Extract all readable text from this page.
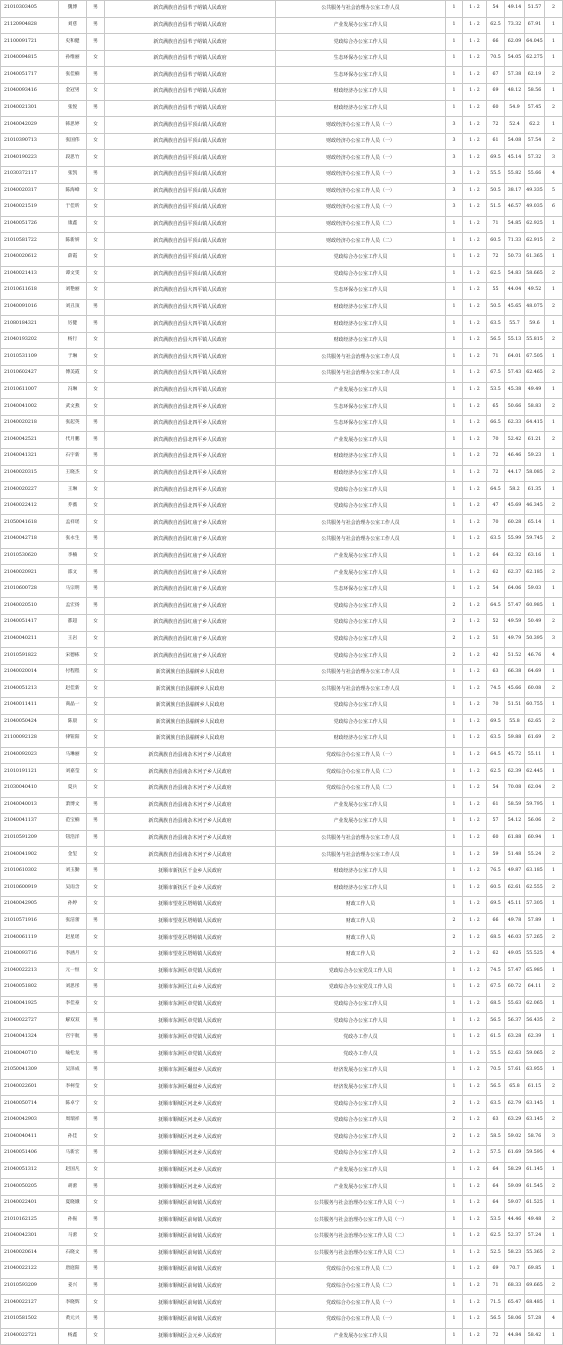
21010303405	魏博	男	新宾满族自治县苇子峪镇人民政府	公共服务与社会治理办公室工作人员	1	1 : 2	54	49.14	51.57	2
21120904828	刘慈	男	新宾满族自治县苇子峪镇人民政府	产业发展办公室工作人员	1	1 : 2	62.5	73.32	67.91	1
21100091721	史和健	男	新宾满族自治县苇子峪镇人民政府	党政综合办公室工作人员	1	1 : 2	66	62.09	64.045	1
21040094815	孙维丽	女	新宾满族自治县苇子峪镇人民政府	生态环保办公室工作人员	1	1 : 2	70.5	54.05	62.275	1
21040051717	张佳楠	男	新宾满族自治县苇子峪镇人民政府	生态环保办公室工作人员	1	1 : 2	67	57.38	62.19	2
21040093416	金冠男	女	新宾满族自治县苇子峪镇人民政府	财政经济办公室工作人员	1	1 : 2	69	48.12	58.56	1
21040021301	张悦	男	新宾满族自治县苇子峪镇人民政府	财政经济办公室工作人员	1	1 : 2	60	54.9	57.45	2
21040042029	韩思婷	女	新宾满族自治县平顶山镇人民政府	财政经济办公室工作人员（一）	3	1 : 2	72	52.4	62.2	1
21010390713	张国伟	女	新宾满族自治县平顶山镇人民政府	财政经济办公室工作人员（一）	3	1 : 2	61	54.08	57.54	2
21040190223	段思竹	女	新宾满族自治县平顶山镇人民政府	财政经济办公室工作人员（一）	3	1 : 2	69.5	45.14	57.32	3
21030372117	张凯	男	新宾满族自治县平顶山镇人民政府	财政经济办公室工作人员（一）	3	1 : 2	55.5	55.82	55.66	4
21040020317	陈海峰	女	新宾满族自治县平顶山镇人民政府	财政经济办公室工作人员（一）	3	1 : 2	50.5	38.17	49.335	5
21040021519	于佳昕	女	新宾满族自治县平顶山镇人民政府	财政经济办公室工作人员（一）	3	1 : 2	51.5	46.57	49.035	6
21040051726	康鑫	女	新宾满族自治县平顶山镇人民政府	财政经济办公室工作人员（二）	1	1 : 2	71	54.85	62.925	1
21010581722	陈新妍	女	新宾满族自治县平顶山镇人民政府	财政经济办公室工作人员（二）	1	1 : 2	60.5	71.33	62.915	2
21040020612	薛霞	女	新宾满族自治县平顶山镇人民政府	党政综合办公室工作人员	1	1 : 2	72	50.73	61.365	1
21040021413	谭文雯	女	新宾满族自治县平顶山镇人民政府	党政综合办公室工作人员	1	1 : 2	62.5	54.83	58.665	2
21010611618	刘艳丽	女	新宾满族自治县大四平镇人民政府	生态环保办公室工作人员	1	1 : 2	55	44.04	49.52	1
21040091016	刘丑顶	男	新宾满族自治县大四平镇人民政府	财政经济办公室工作人员	1	1 : 2	50.5	45.65	48.075	2
21080184321	厉健	男	新宾满族自治县大四平镇人民政府	财政经济办公室工作人员	1	1 : 2	63.5	55.7	59.6	1
21040193202	杨行	女	新宾满族自治县大四平镇人民政府	财政经济办公室工作人员	1	1 : 2	56.5	55.13	55.815	2
21010531109	于琳	女	新宾满族自治县大四平镇人民政府	公共服务与社会治理办公室工作人员	1	1 : 2	71	64.01	67.505	1
21010602427	傅美霞	女	新宾满族自治县大四平镇人民政府	公共服务与社会治理办公室工作人员	1	1 : 2	67.5	57.43	62.465	2
21010611007	冯琳	女	新宾满族自治县大四平镇人民政府	产业发展办公室工作人员	1	1 : 2	53.5	45.38	49.49	1
21040041002	武文燕	女	新宾满族自治县北四平乡人民政府	生态环保办公室工作人员	1	1 : 2	65	50.66	58.83	2
21040020218	张起英	男	新宾满族自治县北四平乡人民政府	生态环保办公室工作人员	1	1 : 2	66.5	62.33	64.415	1
21040042521	代月鹏	男	新宾满族自治县北四平乡人民政府	产业发展办公室工作人员	1	1 : 2	70	52.42	61.21	2
21040041321	石宇新	男	新宾满族自治县北四平乡人民政府	财政经济办公室工作人员	1	1 : 2	72	46.46	59.23	1
21040020315	王晓杰	女	新宾满族自治县北四平乡人民政府	财政经济办公室工作人员	1	1 : 2	72	44.17	58.085	2
21040020227	王琳	女	新宾满族自治县北四平乡人民政府	党政综合办公室工作人员	1	1 : 2	64.5	58.2	61.35	1
21040022412	乔薇	女	新宾满族自治县北四平乡人民政府	党政综合办公室工作人员	1	1 : 2	47	45.69	46.345	2
21050041618	孟祥瑶	女	新宾满族自治县红庙子乡人民政府	公共服务与社会治理办公室工作人员	1	1 : 2	70	60.28	65.14	1
21040042718	张永生	男	新宾满族自治县红庙子乡人民政府	公共服务与社会治理办公室工作人员	1	1 : 2	63.5	55.99	59.745	2
21010530620	李楠	女	新宾满族自治县红庙子乡人民政府	产业发展办公室工作人员	1	1 : 2	64	62.32	63.16	1
21040020921	邵文	男	新宾满族自治县红庙子乡人民政府	产业发展办公室工作人员	1	1 : 2	62	62.37	62.185	2
21010600728	马宗明	男	新宾满族自治县红庙子乡人民政府	生态环保办公室工作人员	1	1 : 2	54	64.06	59.03	1
21040020510	孟宏扬	男	新宾满族自治县红庙子乡人民政府	党政综合办公室工作人员	2	1 : 2	64.5	57.47	60.985	1
21040051417	都超	女	新宾满族自治县红庙子乡人民政府	党政综合办公室工作人员	2	1 : 2	52	49.59	50.49	2
21040040211	王岩	女	新宾满族自治县红庙子乡人民政府	党政综合办公室工作人员	2	1 : 2	51	49.79	50.395	3
21010591822	宋德栋	女	新宾满族自治县红庙子乡人民政府	党政综合办公室工作人员	2	1 : 2	42	51.52	46.76	4
21040020014	付程程	女	新宾满族自治县榆树乡人民政府	公共服务与社会治理办公室工作人员	1	1 : 2	63	66.38	64.69	1
21040051213	赵佳新	女	新宾满族自治县榆树乡人民政府	公共服务与社会治理办公室工作人员	1	1 : 2	74.5	45.66	60.08	2
21040011411	商晶一	女	新宾满族自治县榆树乡人民政府	党政综合办公室工作人员	1	1 : 2	70	51.51	60.755	1
21040050424	陈晨	女	新宾满族自治县榆树乡人民政府	党政综合办公室工作人员	1	1 : 2	69.5	55.8	62.65	2
21100092128	律钮阳	女	新宾满族自治县榆树乡人民政府	财政经济办公室工作人员	1	1 : 2	63.5	59.88	61.69	2
21040092023	马琳丽	女	新宾满族自治县南杂木河子乡人民政府	党政综合办公室工作人员（一）	1	1 : 2	64.5	45.72	55.11	1
21010191121	刘嘉莹	女	新宾满族自治县南杂木河子乡人民政府	党政综合办公室工作人员（二）	1	1 : 2	62.5	62.39	62.445	1
21030040410	夏兵	女	新宾满族自治县南杂木河子乡人民政府	党政综合办公室工作人员（二）	1	1 : 2	54	70.08	62.04	2
21040040013	萧博文	男	新宾满族自治县南杂木河子乡人民政府	产业发展办公室工作人员	1	1 : 2	61	58.59	59.795	1
21040041137	范宝楠	男	新宾满族自治县南杂木河子乡人民政府	产业发展办公室工作人员	1	1 : 2	57	54.12	56.06	2
21010591209	钮浩洋	男	新宾满族自治县南杂木河子乡人民政府	公共服务与社会治理办公室工作人员	1	1 : 2	60	61.88	60.94	1
21040041902	金玺	女	新宾满族自治县南杂木河子乡人民政府	公共服务与社会治理办公室工作人员	1	1 : 2	59	51.48	55.24	2
21010610302	刘玉勤	男	抚顺市新抚区千金乡人民政府	财政经济办公室工作人员	1	1 : 2	76.5	49.87	63.185	1
21010600919	吴雨含	女	抚顺市新抚区千金乡人民政府	财政经济办公室工作人员	1	1 : 2	60.5	62.61	62.555	2
21040042905	孙婷	女	抚顺市望花区塔峪镇人民政府	财政工作人员	1	1 : 2	69.5	45.11	57.305	1
21010571916	张洁蕾	男	抚顺市望花区塔峪镇人民政府	财政工作人员	2	1 : 2	66	49.78	57.89	1
21040061119	赵星瑶	女	抚顺市望花区塔峪镇人民政府	财政工作人员	2	1 : 2	68.5	46.03	57.265	2
21040093716	李涵月	女	抚顺市望花区塔峪镇人民政府	财政工作人员	2	1 : 2	62	49.05	55.525	4
21040022213	元一恒	女	抚顺市东洲区章党镇人民政府	党政综合办公室党员工作人员	1	1 : 2	74.5	57.47	65.985	1
21040051802	刘思彤	男	抚顺市东洲区江山乡人民政府	党政综合办公室党员工作人员	1	1 : 2	67.5	60.72	64.11	2
21040041925	李佳豪	女	抚顺市东洲区章党镇人民政府	党政综合办公室工作人员	1	1 : 2	68.5	55.63	62.065	1
21040022727	解双双	男	抚顺市东洲区章党镇人民政府	党政综合办公室工作人员	1	1 : 2	56.5	56.37	56.435	2
21040041324	宫宇航	男	抚顺市东洲区章党镇人民政府	党政办工作人员	1	1 : 2	61.5	63.28	62.39	1
21040040710	喻松龙	男	抚顺市东洲区章党镇人民政府	党政办工作人员	1	1 : 2	55.5	62.63	59.065	2
21050041309	吴泽成	男	抚顺市东洲区碾盘乡人民政府	经济发展办公室工作人员	1	1 : 2	70.5	57.61	63.955	1
21040022601	李柯莹	女	抚顺市东洲区碾盘乡人民政府	经济发展办公室工作人员	1	1 : 2	56.5	65.8	61.15	2
21040050714	陈卓宁	女	抚顺市顺城区河北乡人民政府	党政综合办公室工作人员	2	1 : 2	63.5	62.79	63.145	1
21040042903	周瑞祥	男	抚顺市顺城区河北乡人民政府	党政综合办公室工作人员	2	1 : 2	63	63.29	63.145	2
21040040411	孙佳	女	抚顺市顺城区河北乡人民政府	党政综合办公室工作人员	2	1 : 2	58.5	59.02	58.76	3
21040051406	马新宏	男	抚顺市顺城区河北乡人民政府	党政综合办公室工作人员	2	1 : 2	57.5	61.69	59.595	4
21040051312	赵国凡	女	抚顺市顺城区河北乡人民政府	产业发展办公室工作人员	1	1 : 2	64	58.29	61.145	1
21040050205	胡蕾	男	抚顺市顺城区河北乡人民政府	产业发展办公室工作人员	1	1 : 2	64	59.09	61.545	2
21040022401	夏晓娥	女	抚顺市顺城区前甸镇人民政府	公共服务与社会治理办公室工作人员（一）	1	1 : 2	64	59.07	61.525	1
21010162125	孙振	男	抚顺市顺城区前甸镇人民政府	公共服务与社会治理办公室工作人员（一）	1	1 : 2	53.5	44.46	49.48	2
21040042301	马蕾	女	抚顺市顺城区前甸镇人民政府	公共服务与社会治理办公室工作人员（二）	1	1 : 2	62.5	52.37	57.24	1
21040020614	石晓文	男	抚顺市顺城区前甸镇人民政府	公共服务与社会治理办公室工作人员（二）	1	1 : 2	52.5	58.23	55.365	2
21040022122	唐庭阳	男	抚顺市顺城区前甸镇人民政府	党政综合办公室工作人员（二）	1	1 : 2	69	70.7	69.85	1
21010593209	姜兴	男	抚顺市顺城区前甸镇人民政府	党政综合办公室工作人员（二）	1	1 : 2	71	68.33	69.665	2
21040022127	李晓辉	女	抚顺市顺城区前甸镇人民政府	党政综合办公室工作人员（一）	1	1 : 2	71.5	65.47	68.485	1
21010581502	黄元兴	男	抚顺市顺城区前甸镇人民政府	党政综合办公室工作人员（一）	1	1 : 2	56.5	58.06	57.28	4
21040022721	杨鑫	女	抚顺市顺城区会元乡人民政府	产业发展办公室工作人员	1	1 : 2	72	44.84	58.42	1
